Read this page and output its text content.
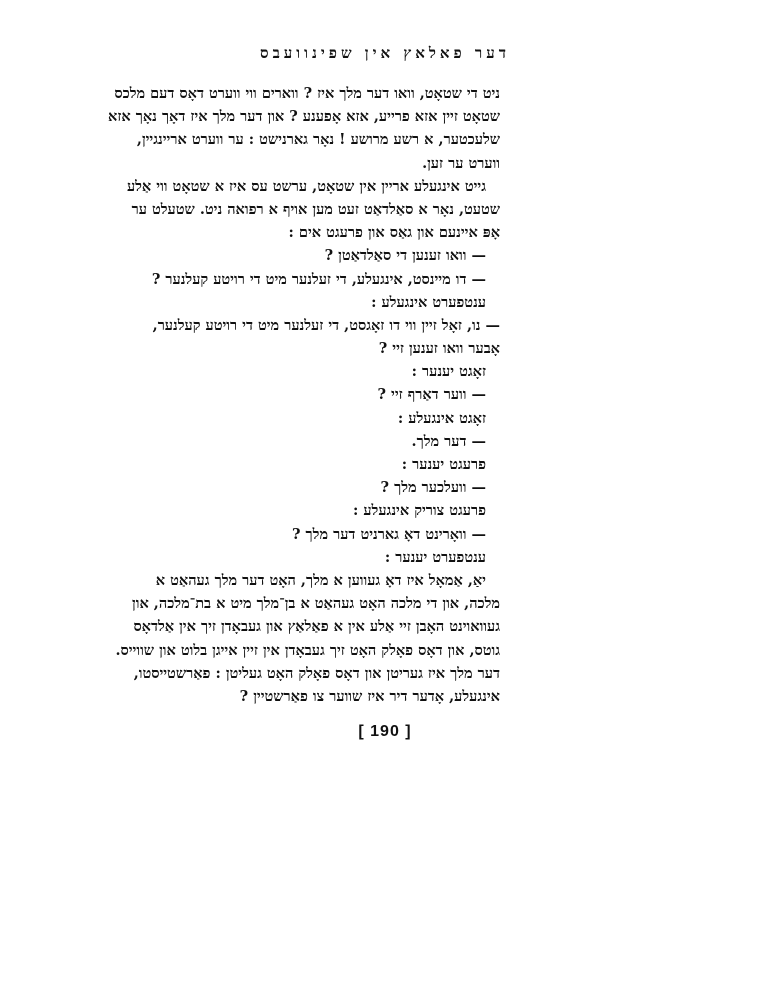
דער פאלאץ אין שפינוועבס
ניט די שטאָט, וואו דער מלך איז ? ווארים ווי ווערט דאָס דעם מלכס
שטאָט זיין אזא פרייע, אזא אָפענע ? און דער מלך איז דאָך נאָך אזא
שלעכטער, א רשע מרושע ! נאָר גארנישט : ער ווערט אריינגיין,
ווערט ער זען.
גייט אינגעלע אריין אין שטאָט, ערשט עס איז א שטאָט ווי אַלע
שטעט, נאָר א סאַלדאַט זעט מען אויף א רפואה ניט. שטעלט ער
אָפּ איינעם און גאַס און פרעגט אים :
— וואו זענען די סאַלדאַטן ?
— דו מיינסט, אינגעלע, די זעלנער מיט די רויטע קעלנער ?
ענטפערט אינגעלע :
— נו, זאָל זיין ווי דו זאָגסט, די זעלנער מיט די רויטע קעלנער,
אָבער וואו זענען זיי ?
זאָגט יענער :
— ווער דאַרף זיי ?
זאָגט אינגעלע :
— דער מלך.
פרעגט יענער :
— וועלכער מלך ?
פרעגט צוריק אינגעלע :
— וואָרינט דאָ גארניט דער מלך ?
ענטפערט יענער :
יאַ, אַמאָל איז דאָ געווען א מלך, האָט דער מלך געהאַט א
מלכה, און די מלכה האָט געהאַט א בן־מלך מיט א בת־מלכה, און
געוואוינט האָבן זיי אַלע אין א פאַלאַץ און געבאָדן זיך אין אַלדאָס
גוטס, און דאָס פאָלק האָט זיך געבאָדן אין זיין אייגן בלוט און שווייס.
דער מלך איז געריטן און דאָס פאָלק האָט געליטן : פאַרשטייסטו,
אינגעלע, אָדער דיר איז שווער צו פאַרשטיין ?
[ 190 ]
